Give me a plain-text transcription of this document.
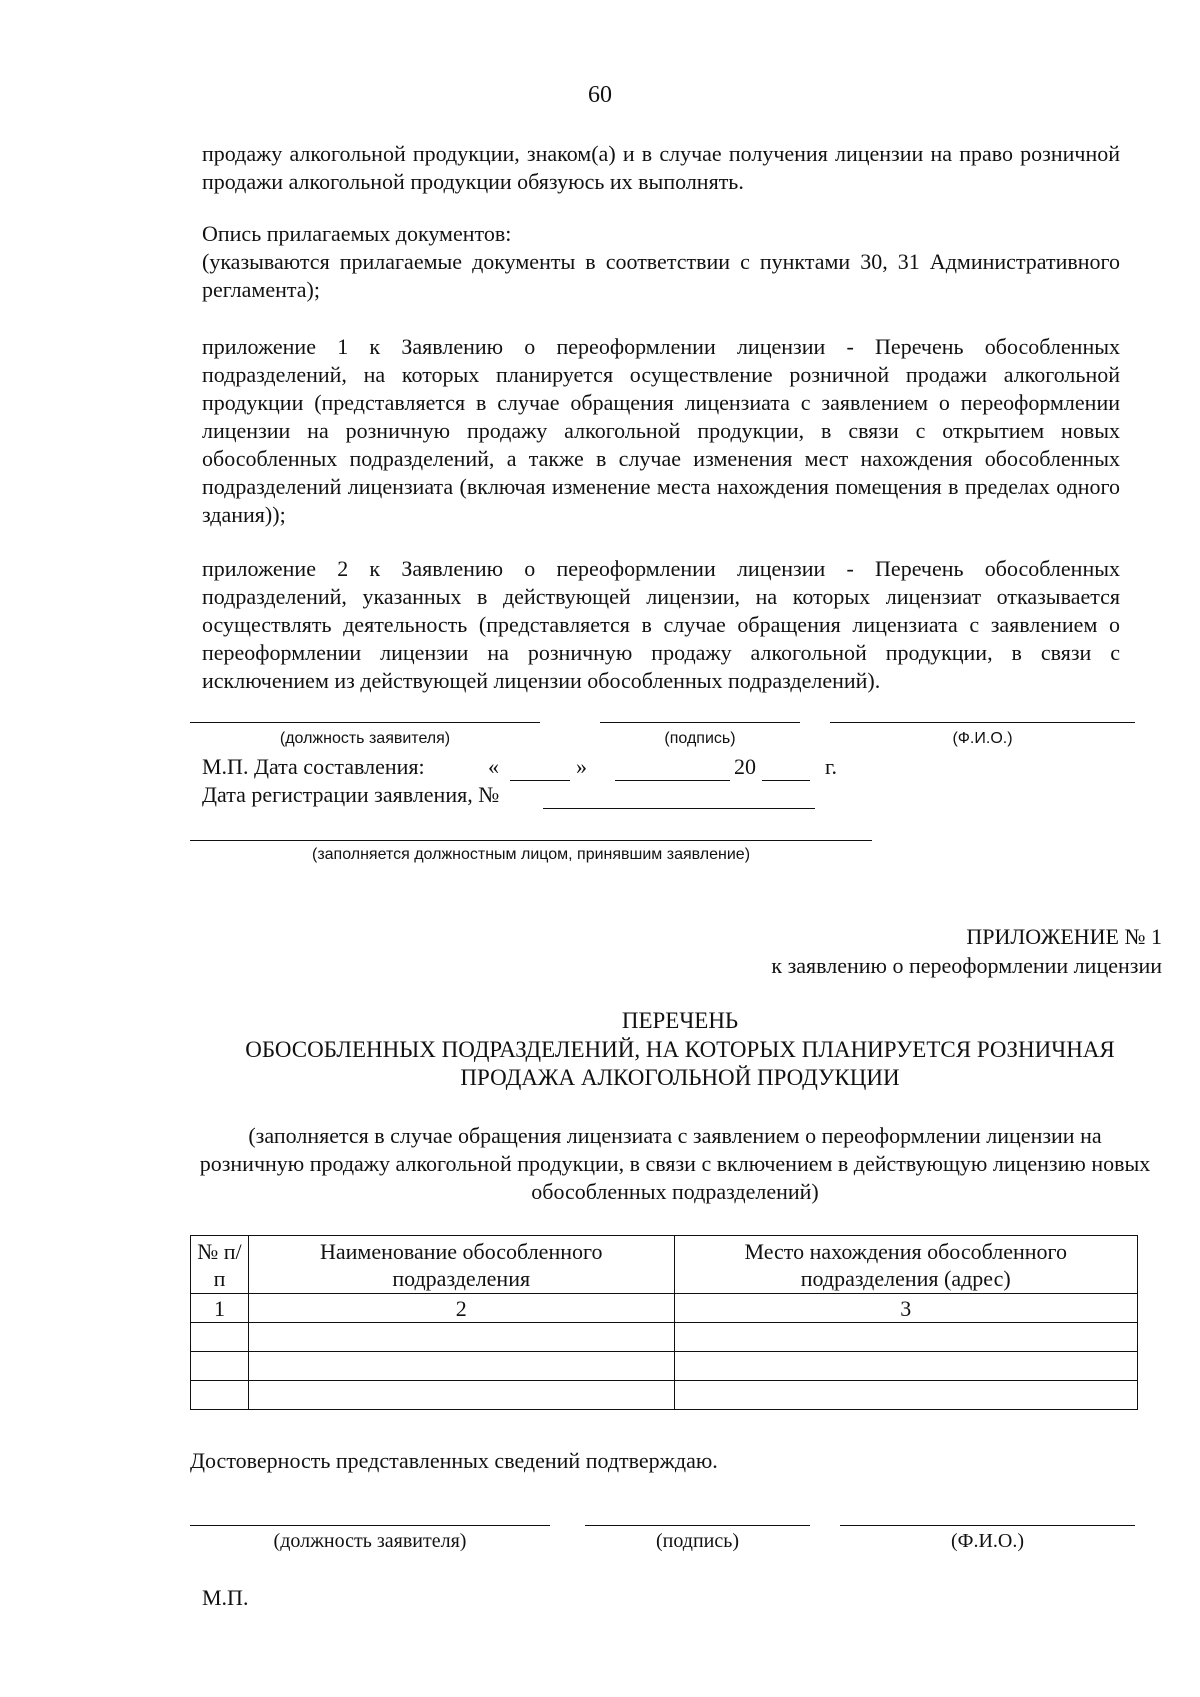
60
продажу алкогольной продукции, знаком(а) и в случае получения лицензии на право розничной продажи алкогольной продукции обязуюсь их выполнять.
Опись прилагаемых документов:
(указываются прилагаемые документы в соответствии с пунктами 30, 31 Административного регламента);
приложение 1 к Заявлению о переоформлении лицензии - Перечень обособленных подразделений, на которых планируется осуществление розничной продажи алкогольной продукции (представляется в случае обращения лицензиата с заявлением о переоформлении лицензии на розничную продажу алкогольной продукции, в связи с открытием новых обособленных подразделений, а также в случае изменения мест нахождения обособленных подразделений лицензиата (включая изменение места нахождения помещения в пределах одного здания));
приложение 2 к Заявлению о переоформлении лицензии - Перечень обособленных подразделений, указанных в действующей лицензии, на которых лицензиат отказывается осуществлять деятельность (представляется в случае обращения лицензиата с заявлением о переоформлении лицензии на розничную продажу алкогольной продукции, в связи с исключением из действующей лицензии обособленных подразделений).
(должность заявителя)	(подпись)	(Ф.И.О.)
М.П. Дата составления:	«	»	20	г.
Дата регистрации заявления, №
(заполняется должностным лицом, принявшим заявление)
ПРИЛОЖЕНИЕ № 1
к заявлению о переоформлении лицензии
ПЕРЕЧЕНЬ
ОБОСОБЛЕННЫХ ПОДРАЗДЕЛЕНИЙ, НА КОТОРЫХ ПЛАНИРУЕТСЯ РОЗНИЧНАЯ
ПРОДАЖА АЛКОГОЛЬНОЙ ПРОДУКЦИИ
(заполняется в случае обращения лицензиата с заявлением о переоформлении лицензии на розничную продажу алкогольной продукции, в связи с включением в действующую лицензию новых обособленных подразделений)
№ п/п	Наименование обособленного подразделения	Место нахождения обособленного подразделения (адрес)
1	2	3

Достоверность представленных сведений подтверждаю.
(должность заявителя)	(подпись)	(Ф.И.О.)
М.П.
